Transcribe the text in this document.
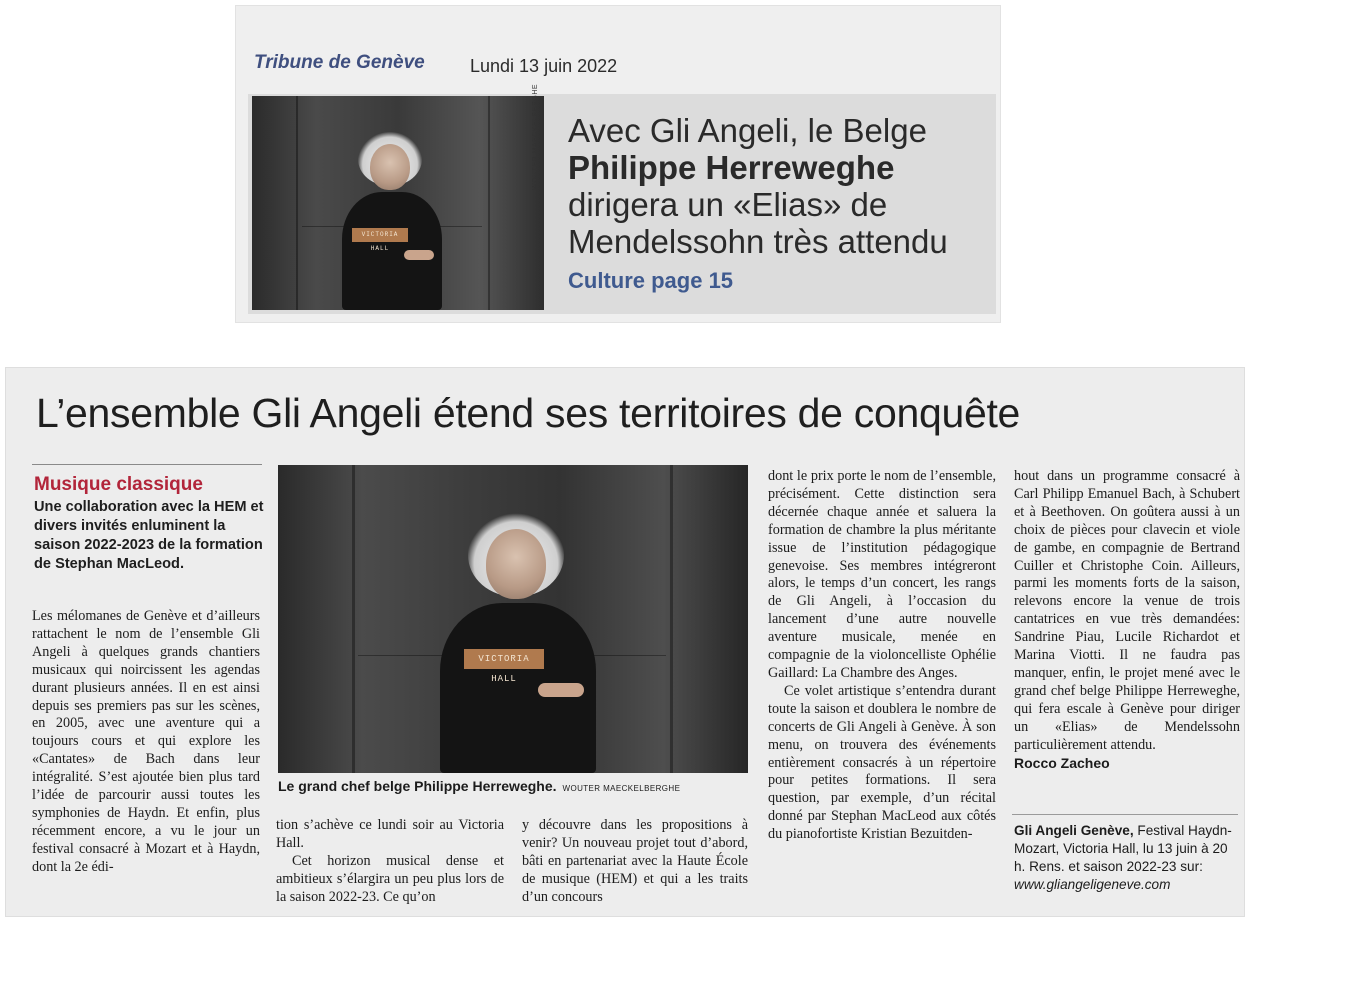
Tribune de Genève	Lundi 13 juin 2022
VICTORIA HALL
WOUTER MAECKELBERGHE Avec Gli Angeli, le Belge
Philippe Herreweghe
dirigera un «Elias» de
Mendelssohn très attendu
Culture page 15
L’ensemble Gli Angeli étend ses territoires de conquête
Musique classique
Une collaboration avec la HEM et divers invités enluminent la saison 2022-2023 de la formation de Stephan MacLeod.

Les mélomanes de Genève et d’ailleurs rattachent le nom de l’ensemble Gli Angeli à quelques grands chantiers musicaux qui noircissent les agendas durant plusieurs années. Il en est ainsi depuis ses premiers pas sur les scènes, en 2005, avec une aventure qui a toujours cours et qui explore les «Cantates» de Bach dans leur intégralité. S’est ajoutée bien plus tard l’idée de parcourir aussi toutes les symphonies de Haydn. Et enfin, plus récemment encore, a vu le jour un festival consacré à Mozart et à Haydn, dont la 2e édi-

VICTORIA HALL
Le grand chef belge Philippe Herreweghe. WOUTER MAECKELBERGHE

tion s’achève ce lundi soir au Victoria Hall.

Cet horizon musical dense et ambitieux s’élargira un peu plus lors de la saison 2022-23. Ce qu’on

y découvre dans les propositions à venir? Un nouveau projet tout d’abord, bâti en partenariat avec la Haute École de musique (HEM) et qui a les traits d’un concours

dont le prix porte le nom de l’ensemble, précisément. Cette distinction sera décernée chaque année et saluera la formation de chambre la plus méritante issue de l’institution pédagogique genevoise. Ses membres intégreront alors, le temps d’un concert, les rangs de Gli Angeli, à l’occasion du lancement d’une autre nouvelle aventure musicale, menée en compagnie de la violoncelliste Ophélie Gaillard: La Chambre des Anges.

Ce volet artistique s’entendra durant toute la saison et doublera le nombre de concerts de Gli Angeli à Genève. À son menu, on trouvera des événements entièrement consacrés à un répertoire pour petites formations. Il sera question, par exemple, d’un récital donné par Stephan MacLeod aux côtés du pianofortiste Kristian Bezuitden-

hout dans un programme consacré à Carl Philipp Emanuel Bach, à Schubert et à Beethoven. On goûtera aussi à un choix de pièces pour clavecin et viole de gambe, en compagnie de Bertrand Cuiller et Christophe Coin. Ailleurs, parmi les moments forts de la saison, relevons encore la venue de trois cantatrices en vue très demandées: Sandrine Piau, Lucile Richardot et Marina Viotti. Il ne faudra pas manquer, enfin, le projet mené avec le grand chef belge Philippe Herreweghe, qui fera escale à Genève pour diriger un «Elias» de Mendelssohn particulièrement attendu.

Rocco Zacheo

Gli Angeli Genève, Festival Haydn-Mozart, Victoria Hall, lu 13 juin à 20 h. Rens. et saison 2022-23 sur:
www.gliangeligeneve.com
